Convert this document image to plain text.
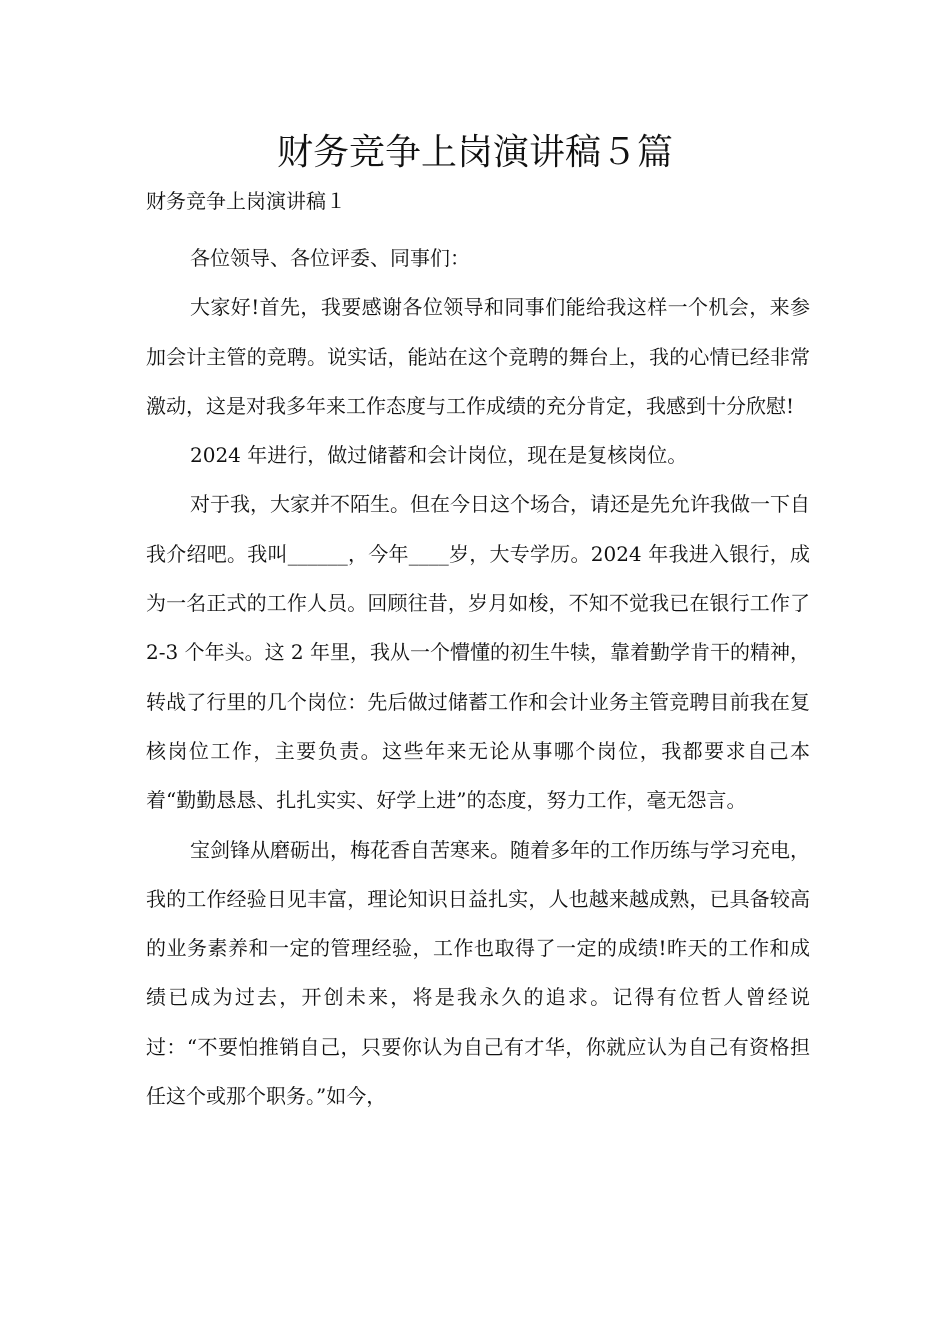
财务竞争上岗演讲稿５篇
财务竞争上岗演讲稿１

各位领导、各位评委、同事们：

大家好!首先，我要感谢各位领导和同事们能给我这样一个机会，来参加会计主管的竞聘。说实话，能站在这个竞聘的舞台上，我的心情已经非常激动，这是对我多年来工作态度与工作成绩的充分肯定，我感到十分欣慰!

2024 年进行，做过储蓄和会计岗位，现在是复核岗位。

对于我，大家并不陌生。但在今日这个场合，请还是先允许我做一下自我介绍吧。我叫______，今年____岁，大专学历。2024 年我进入银行，成为一名正式的工作人员。回顾往昔，岁月如梭，不知不觉我已在银行工作了 2-3 个年头。这 2 年里，我从一个懵懂的初生牛犊，靠着勤学肯干的精神，转战了行里的几个岗位：先后做过储蓄工作和会计业务主管竞聘目前我在复核岗位工作，主要负责。这些年来无论从事哪个岗位，我都要求自己本着“勤勤恳恳、扎扎实实、好学上进”的态度，努力工作，毫无怨言。

宝剑锋从磨砺出，梅花香自苦寒来。随着多年的工作历练与学习充电，我的工作经验日见丰富，理论知识日益扎实，人也越来越成熟，已具备较高的业务素养和一定的管理经验，工作也取得了一定的成绩!昨天的工作和成绩已成为过去，开创未来，将是我永久的追求。记得有位哲人曾经说过：“不要怕推销自己，只要你认为自己有才华，你就应认为自己有资格担任这个或那个职务。”如今，
